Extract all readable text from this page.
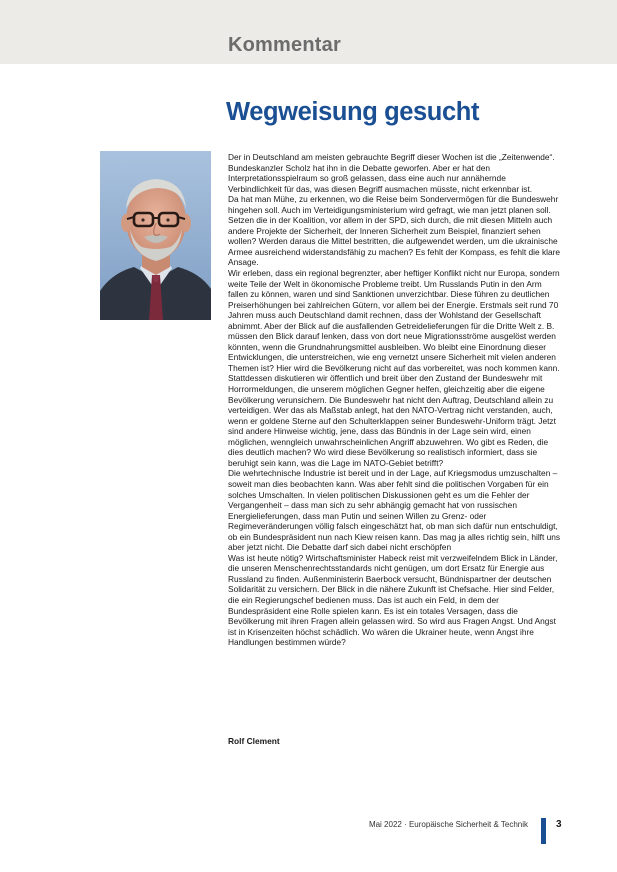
Kommentar
Wegweisung gesucht

Der in Deutschland am meisten gebrauchte Begriff dieser Wochen ist die „Zeitenwende“. Bundeskanzler Scholz hat ihn in die Debatte geworfen. Aber er hat den Interpretationsspielraum so groß gelassen, dass eine auch nur annähernde Verbindlichkeit für das, was diesen Begriff ausmachen müsste, nicht erkennbar ist.

Da hat man Mühe, zu erkennen, wo die Reise beim Sondervermögen für die Bundeswehr hingehen soll. Auch im Verteidigungsministerium wird gefragt, wie man jetzt planen soll. Setzen die in der Koalition, vor allem in der SPD, sich durch, die mit diesen Mitteln auch andere Projekte der Sicherheit, der Inneren Sicherheit zum Beispiel, finanziert sehen wollen? Werden daraus die Mittel bestritten, die aufgewendet werden, um die ukrainische Armee ausreichend widerstandsfähig zu machen? Es fehlt der Kompass, es fehlt die klare Ansage.

Wir erleben, dass ein regional begrenzter, aber heftiger Konflikt nicht nur Europa, sondern weite Teile der Welt in ökonomische Probleme treibt. Um Russlands Putin in den Arm fallen zu können, waren und sind Sanktionen unverzichtbar. Diese führen zu deutlichen Preiserhöhungen bei zahlreichen Gütern, vor allem bei der Energie. Erstmals seit rund 70 Jahren muss auch Deutschland damit rechnen, dass der Wohlstand der Gesellschaft abnimmt. Aber der Blick auf die ausfallenden Getreidelieferungen für die Dritte Welt z. B. müssen den Blick darauf lenken, dass von dort neue Migrationsströme ausgelöst werden könnten, wenn die Grundnahrungsmittel ausbleiben. Wo bleibt eine Einordnung dieser Entwicklungen, die unterstreichen, wie eng vernetzt unsere Sicherheit mit vielen anderen Themen ist? Hier wird die Bevölkerung nicht auf das vorbereitet, was noch kommen kann.

Stattdessen diskutieren wir öffentlich und breit über den Zustand der Bundeswehr mit Horrormeldungen, die unserem möglichen Gegner helfen, gleichzeitig aber die eigene Bevölkerung verunsichern. Die Bundeswehr hat nicht den Auftrag, Deutschland allein zu verteidigen. Wer das als Maßstab anlegt, hat den NATO-Vertrag nicht verstanden, auch, wenn er goldene Sterne auf den Schulterklappen seiner Bundeswehr-Uniform trägt. Jetzt sind andere Hinweise wichtig, jene, dass das Bündnis in der Lage sein wird, einen möglichen, wenngleich unwahrscheinlichen Angriff abzuwehren. Wo gibt es Reden, die dies deutlich machen? Wo wird diese Bevölkerung so realistisch informiert, dass sie beruhigt sein kann, was die Lage im NATO-Gebiet betrifft?

Die wehrtechnische Industrie ist bereit und in der Lage, auf Kriegsmodus umzuschalten – soweit man dies beobachten kann. Was aber fehlt sind die politischen Vorgaben für ein solches Umschalten. In vielen politischen Diskussionen geht es um die Fehler der Vergangenheit – dass man sich zu sehr abhängig gemacht hat von russischen Energielieferungen, dass man Putin und seinen Willen zu Grenz- oder Regimeveränderungen völlig falsch eingeschätzt hat, ob man sich dafür nun entschuldigt, ob ein Bundespräsident nun nach Kiew reisen kann. Das mag ja alles richtig sein, hilft uns aber jetzt nicht. Die Debatte darf sich dabei nicht erschöpfen

Was ist heute nötig? Wirtschaftsminister Habeck reist mit verzweifelndem Blick in Länder, die unseren Menschenrechtsstandards nicht genügen, um dort Ersatz für Energie aus Russland zu finden. Außenministerin Baerbock versucht, Bündnispartner der deutschen Solidarität zu versichern. Der Blick in die nähere Zukunft ist Chefsache. Hier sind Felder, die ein Regierungschef bedienen muss. Das ist auch ein Feld, in dem der Bundespräsident eine Rolle spielen kann. Es ist ein totales Versagen, dass die Bevölkerung mit ihren Fragen allein gelassen wird. So wird aus Fragen Angst. Und Angst ist in Krisenzeiten höchst schädlich. Wo wären die Ukrainer heute, wenn Angst ihre Handlungen bestimmen würde?

Rolf Clement
Mai 2022 · Europäische Sicherheit & Technik	3
